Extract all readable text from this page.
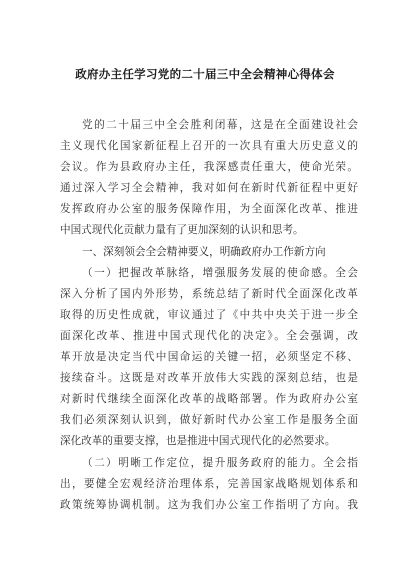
政府办主任学习党的二十届三中全会精神心得体会
党的二十届三中全会胜利闭幕，这是在全面建设社会
主义现代化国家新征程上召开的一次具有重大历史意义的
会议。作为县政府办主任，我深感责任重大，使命光荣。
通过深入学习全会精神，我对如何在新时代新征程中更好
发挥政府办公室的服务保障作用，为全面深化改革、推进
中国式现代化贡献力量有了更加深刻的认识和思考。
一、深刻领会全会精神要义，明确政府办工作新方向
（一）把握改革脉络，增强服务发展的使命感。全会
深入分析了国内外形势，系统总结了新时代全面深化改革
取得的历史性成就，审议通过了《中共中央关于进一步全
面深化改革、推进中国式现代化的决定》。全会强调，改
革开放是决定当代中国命运的关键一招，必须坚定不移、
接续奋斗。这既是对改革开放伟大实践的深刻总结，也是
对新时代继续全面深化改革的战略部署。作为政府办公室
我们必须深刻认识到，做好新时代办公室工作是服务全面
深化改革的重要支撑，也是推进中国式现代化的必然要求。
（二）明晰工作定位，提升服务政府的能力。全会指
出，要健全宏观经济治理体系，完善国家战略规划体系和
政策统筹协调机制。这为我们办公室工作指明了方向。我
